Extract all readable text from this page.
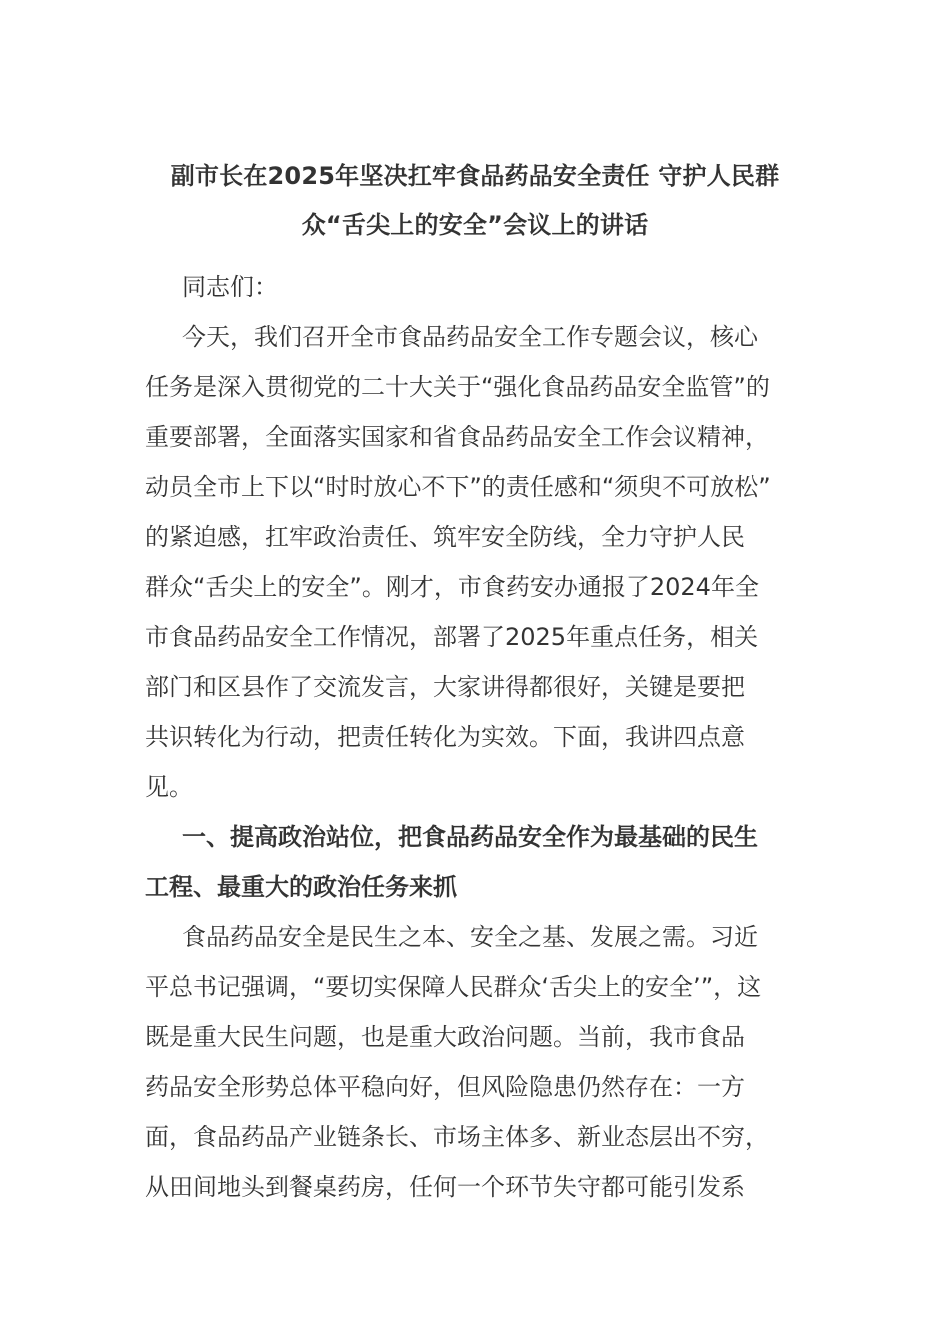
副市长在2025年坚决扛牢食品药品安全责任 守护人民群
众“舌尖上的安全”会议上的讲话
同志们：
今天，我们召开全市食品药品安全工作专题会议，核心
任务是深入贯彻党的二十大关于“强化食品药品安全监管”的
重要部署，全面落实国家和省食品药品安全工作会议精神，
动员全市上下以“时时放心不下”的责任感和“须臾不可放松”
的紧迫感，扛牢政治责任、筑牢安全防线，全力守护人民
群众“舌尖上的安全”。刚才，市食药安办通报了2024年全
市食品药品安全工作情况，部署了2025年重点任务，相关
部门和区县作了交流发言，大家讲得都很好，关键是要把
共识转化为行动，把责任转化为实效。下面，我讲四点意
见。
一、提高政治站位，把食品药品安全作为最基础的民生
工程、最重大的政治任务来抓
食品药品安全是民生之本、安全之基、发展之需。习近
平总书记强调，“要切实保障人民群众‘舌尖上的安全’”，这
既是重大民生问题，也是重大政治问题。当前，我市食品
药品安全形势总体平稳向好，但风险隐患仍然存在：一方
面，食品药品产业链条长、市场主体多、新业态层出不穷，
从田间地头到餐桌药房，任何一个环节失守都可能引发系
